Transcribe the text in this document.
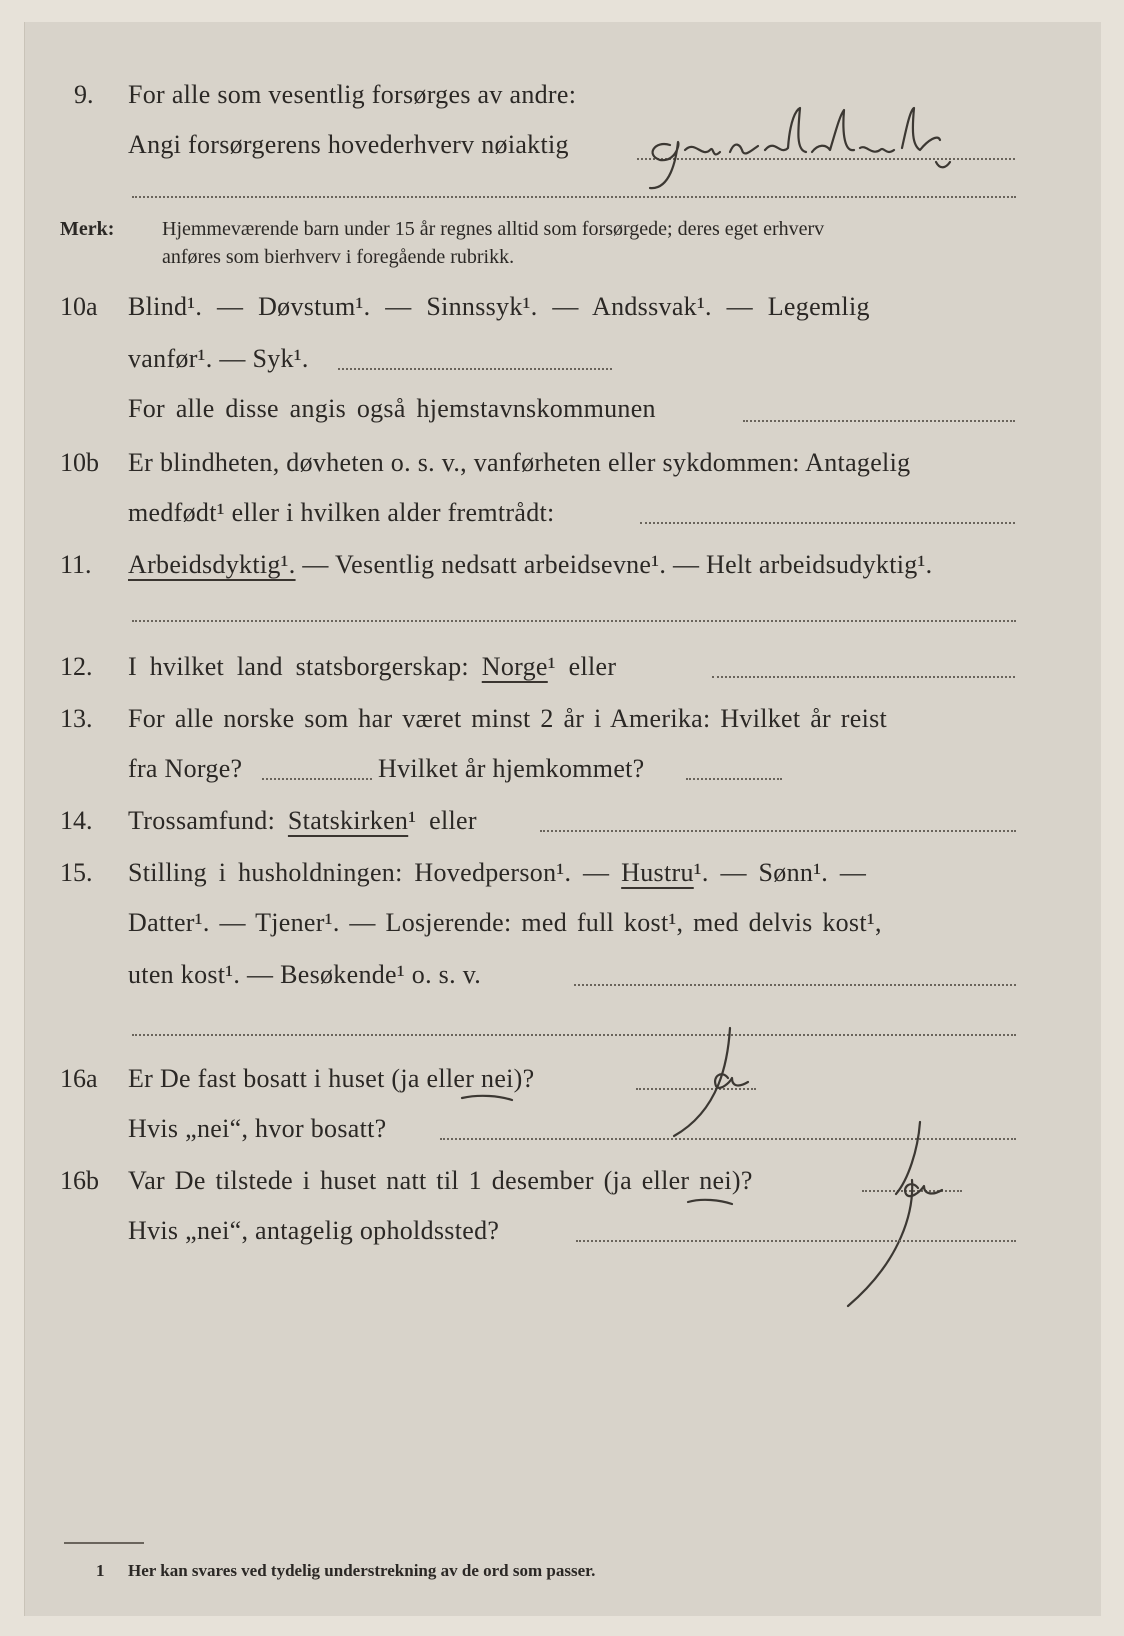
9. For alle som vesentlig forsørges av andre:
Angi forsørgerens hovederhverv nøiaktig
Merk: Hjemmeværende barn under 15 år regnes alltid som forsørgede; deres eget erhverv
anføres som bierhverv i foregående rubrikk.
10a Blind¹. — Døvstum¹. — Sinnssyk¹. — Andssvak¹. — Legemlig
vanfør¹. — Syk¹.
For alle disse angis også hjemstavnskommunen
10b Er blindheten, døvheten o. s. v., vanførheten eller sykdommen: Antagelig
medfødt¹ eller i hvilken alder fremtrådt:
11. Arbeidsdyktig¹. — Vesentlig nedsatt arbeidsevne¹. — Helt arbeidsudyktig¹.
12. I hvilket land statsborgerskap: Norge¹ eller
13. For alle norske som har været minst 2 år i Amerika: Hvilket år reist
fra Norge?	Hvilket år hjemkommet?
14. Trossamfund: Statskirken¹ eller
15. Stilling i husholdningen: Hovedperson¹. — Hustru¹. — Sønn¹. —
Datter¹. — Tjener¹. — Losjerende: med full kost¹, med delvis kost¹,
uten kost¹. — Besøkende¹ o. s. v.
16a Er De fast bosatt i huset (ja eller nei)?
Hvis „nei“, hvor bosatt?
16b Var De tilstede i huset natt til 1 desember (ja eller nei)?
Hvis „nei“, antagelig opholdssted?
1 Her kan svares ved tydelig understrekning av de ord som passer.
